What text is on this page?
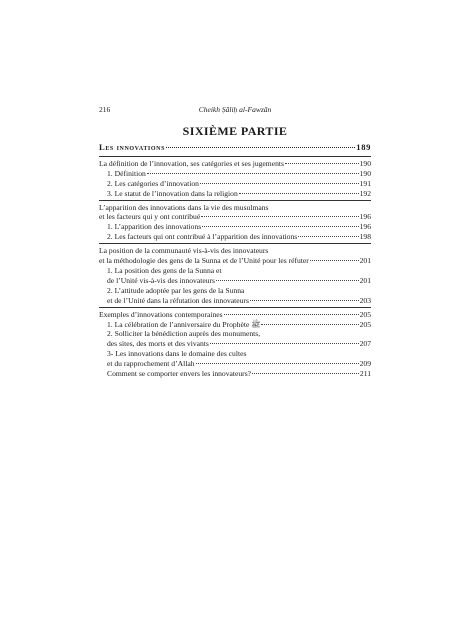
216	Cheikh Ṣāliḥ al-Fawzān
SIXIÈME PARTIE
Les innovations	189
La définition de l’innovation, ses catégories et ses jugements	190
1. Définition	190
2. Les catégories d’innovation	191
3. Le statut de l’innovation dans la religion	192
L’apparition des innovations dans la vie des musulmans
et les facteurs qui y ont contribué	196
1. L’apparition des innovations	196
2. Les facteurs qui ont contribué à l’apparition des innovations	198
La position de la communauté vis-à-vis des innovateurs
et la méthodologie des gens de la Sunna et de l’Unité pour les réfuter	201
1. La position des gens de la Sunna et
de l’Unité vis-à-vis des innovateurs	201
2. L’attitude adoptée par les gens de la Sunna
et de l’Unité dans la réfutation des innovateurs	203
Exemples d’innovations contemporaines	205
1. La célébration de l’anniversaire du Prophète ﷺ	205
2. Solliciter la bénédiction auprès des monuments,
des sites, des morts et des vivants	207
3- Les innovations dans le domaine des cultes
et du rapprochement d’Allah	209
Comment se comporter envers les innovateurs?	211
